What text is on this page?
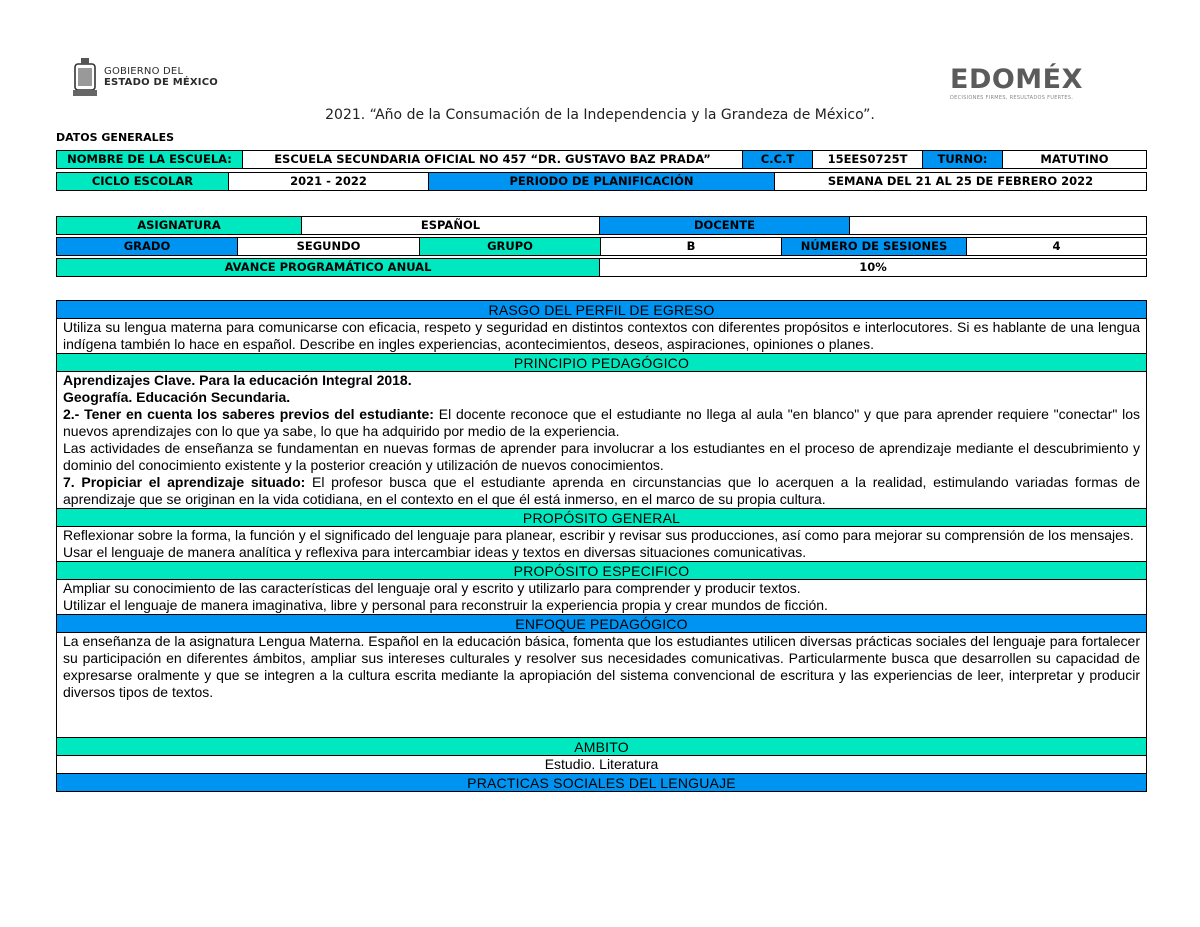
GOBIERNO DEL
ESTADO DE MÉXICO	EDOMÉX
DECISIONES FIRMES, RESULTADOS FUERTES.
2021. “Año de la Consumación de la Independencia y la Grandeza de México”.
DATOS GENERALES
NOMBRE DE LA ESCUELA:	ESCUELA SECUNDARIA OFICIAL NO 457 “DR. GUSTAVO BAZ PRADA”	C.C.T	15EES0725T	TURNO:	MATUTINO
CICLO ESCOLAR	2021 - 2022	PERIODO DE PLANIFICACIÓN	SEMANA DEL 21 AL 25 DE FEBRERO 2022
ASIGNATURA	ESPAÑOL	DOCENTE	
GRADO	SEGUNDO	GRUPO	B	NÚMERO DE SESIONES	4
AVANCE PROGRAMÁTICO ANUAL	10%
RASGO DEL PERFIL DE EGRESO
Utiliza su lengua materna para comunicarse con eficacia, respeto y seguridad en distintos contextos con diferentes propósitos e interlocutores. Si es hablante de una lengua indígena también lo hace en español. Describe en ingles experiencias, acontecimientos, deseos, aspiraciones, opiniones o planes.
PRINCIPIO PEDAGÓGICO

Aprendizajes Clave. Para la educación Integral 2018.
Geografía. Educación Secundaria.
2.- Tener en cuenta los saberes previos del estudiante: El docente reconoce que el estudiante no llega al aula "en blanco" y que para aprender requiere "conectar" los nuevos aprendizajes con lo que ya sabe, lo que ha adquirido por medio de la experiencia.
Las actividades de enseñanza se fundamentan en nuevas formas de aprender para involucrar a los estudiantes en el proceso de aprendizaje mediante el descubrimiento y dominio del conocimiento existente y la posterior creación y utilización de nuevos conocimientos.
7. Propiciar el aprendizaje situado: El profesor busca que el estudiante aprenda en circunstancias que lo acerquen a la realidad, estimulando variadas formas de aprendizaje que se originan en la vida cotidiana, en el contexto en el que él está inmerso, en el marco de su propia cultura.

PROPÓSITO GENERAL

Reflexionar sobre la forma, la función y el significado del lenguaje para planear, escribir y revisar sus producciones, así como para mejorar su comprensión de los mensajes.
Usar el lenguaje de manera analítica y reflexiva para intercambiar ideas y textos en diversas situaciones comunicativas.

PROPÓSITO ESPECIFICO

Ampliar su conocimiento de las características del lenguaje oral y escrito y utilizarlo para comprender y producir textos.
Utilizar el lenguaje de manera imaginativa, libre y personal para reconstruir la experiencia propia y crear mundos de ficción.

ENFOQUE PEDAGÓGICO
La enseñanza de la asignatura Lengua Materna. Español en la educación básica, fomenta que los estudiantes utilicen diversas prácticas sociales del lenguaje para fortalecer su participación en diferentes ámbitos, ampliar sus intereses culturales y resolver sus necesidades comunicativas. Particularmente busca que desarrollen su capacidad de expresarse oralmente y que se integren a la cultura escrita mediante la apropiación del sistema convencional de escritura y las experiencias de leer, interpretar y producir diversos tipos de textos.
AMBITO
Estudio. Literatura
PRACTICAS SOCIALES DEL LENGUAJE
